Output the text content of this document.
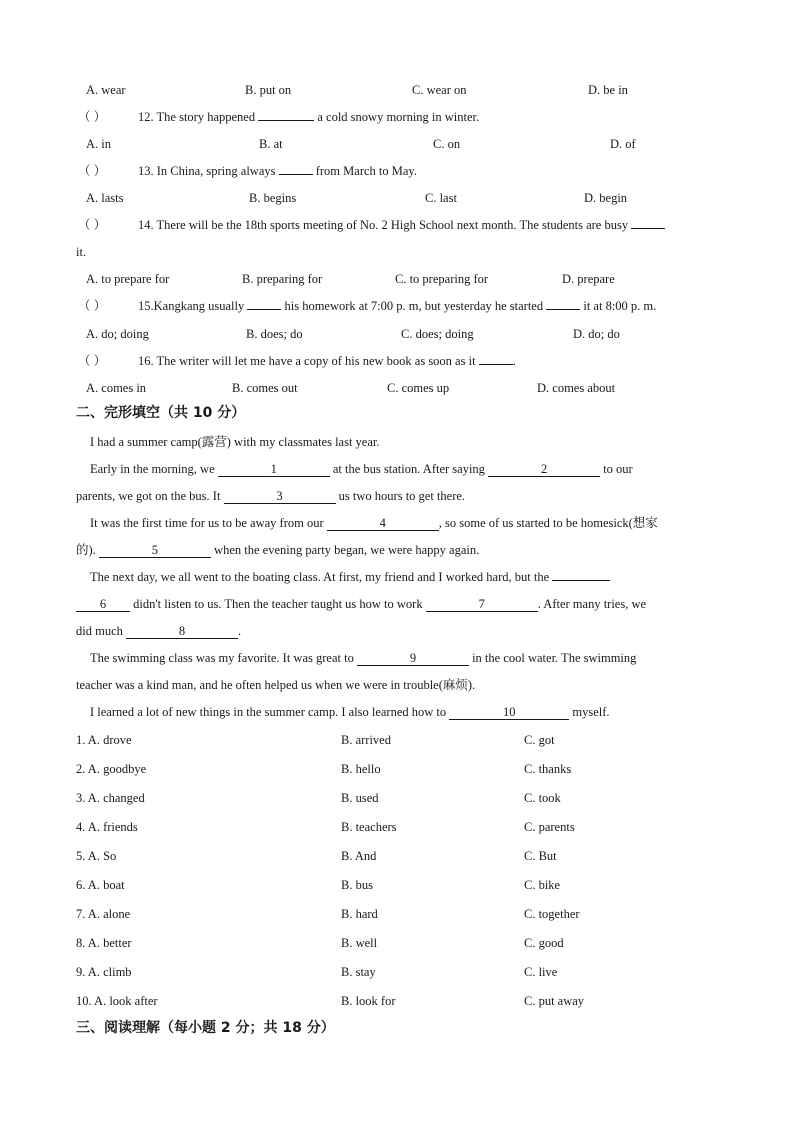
A. wear	B. put on	C. wear on	D. be in
（ ）	12. The story happened	a cold snowy morning in winter.
A. in	B. at	C. on	D. of
（ ）	13. In China, spring always	from March to May.
A. lasts	B. begins	C. last	D. begin
（ ）	14. There will be the 18th sports meeting of No. 2 High School next month. The students are busy
it.
A. to prepare for	B. preparing for	C. to preparing for	D. prepare
（ ）	15.Kangkang usually	his homework at 7:00 p. m, but yesterday he started	it at 8:00 p. m.
A. do; doing	B. does; do	C. does; doing	D. do; do
（ ）	16. The writer will let me have a copy of his new book as soon as it	.
A. comes in	B. comes out	C. comes up	D. comes about
二、完形填空（共 10 分）
I had a summer camp(露营) with my classmates last year.
Early in the morning, we	1	at the bus station. After saying	2	to our
parents, we got on the bus. It	3	us two hours to get there.
It was the first time for us to be away from our	4	, so some of us started to be homesick(想家
的).	5	when the evening party began, we were happy again.
The next day, we all went to the boating class. At first, my friend and I worked hard, but the
6 didn't listen to us. Then the teacher taught us how to work	7	. After many tries, we
did much	8	.
The swimming class was my favorite. It was great to	9	in the cool water. The swimming
teacher was a kind man, and he often helped us when we were in trouble(麻烦).
I learned a lot of new things in the summer camp. I also learned how to	10	myself.
1. A. drove	B. arrived	C. got
2. A. goodbye	B. hello	C. thanks
3. A. changed	B. used	C. took
4. A. friends	B. teachers	C. parents
5. A. So	B. And	C. But
6. A. boat	B. bus	C. bike
7. A. alone	B. hard	C. together
8. A. better	B. well	C. good
9. A. climb	B. stay	C. live
10. A. look after	B. look for	C. put away
三、阅读理解（每小题 2 分；共 18 分）
